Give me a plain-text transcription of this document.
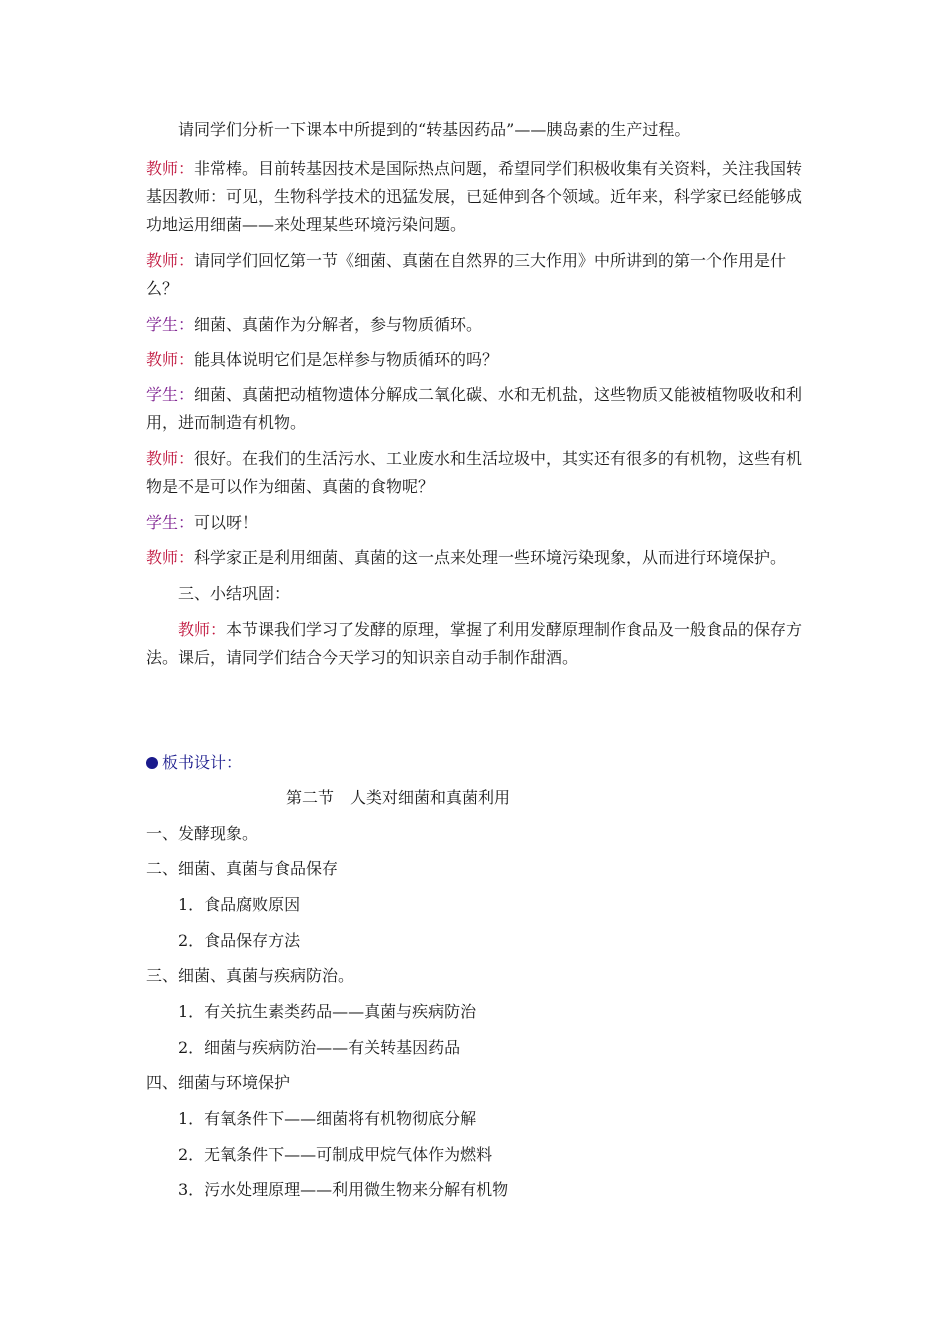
请同学们分析一下课本中所提到的“转基因药品”——胰岛素的生产过程。

教师：非常棒。目前转基因技术是国际热点问题，希望同学们积极收集有关资料，关注我国转基因教师：可见，生物科学技术的迅猛发展，已延伸到各个领域。近年来，科学家已经能够成功地运用细菌——来处理某些环境污染问题。

教师：请同学们回忆第一节《细菌、真菌在自然界的三大作用》中所讲到的第一个作用是什么？

学生：细菌、真菌作为分解者，参与物质循环。

教师：能具体说明它们是怎样参与物质循环的吗？

学生：细菌、真菌把动植物遗体分解成二氧化碳、水和无机盐，这些物质又能被植物吸收和利用，进而制造有机物。

教师：很好。在我们的生活污水、工业废水和生活垃圾中，其实还有很多的有机物，这些有机物是不是可以作为细菌、真菌的食物呢？

学生：可以呀！

教师：科学家正是利用细菌、真菌的这一点来处理一些环境污染现象，从而进行环境保护。

三、小结巩固：

教师：本节课我们学习了发酵的原理，掌握了利用发酵原理制作食品及一般食品的保存方法。课后，请同学们结合今天学习的知识亲自动手制作甜酒。

板书设计：
第二节　人类对细菌和真菌利用
一、发酵现象。
二、细菌、真菌与食品保存
1．食品腐败原因
2．食品保存方法
三、细菌、真菌与疾病防治。
1．有关抗生素类药品——真菌与疾病防治
2．细菌与疾病防治——有关转基因药品
四、细菌与环境保护
1．有氧条件下——细菌将有机物彻底分解
2．无氧条件下——可制成甲烷气体作为燃料
3．污水处理原理——利用微生物来分解有机物
